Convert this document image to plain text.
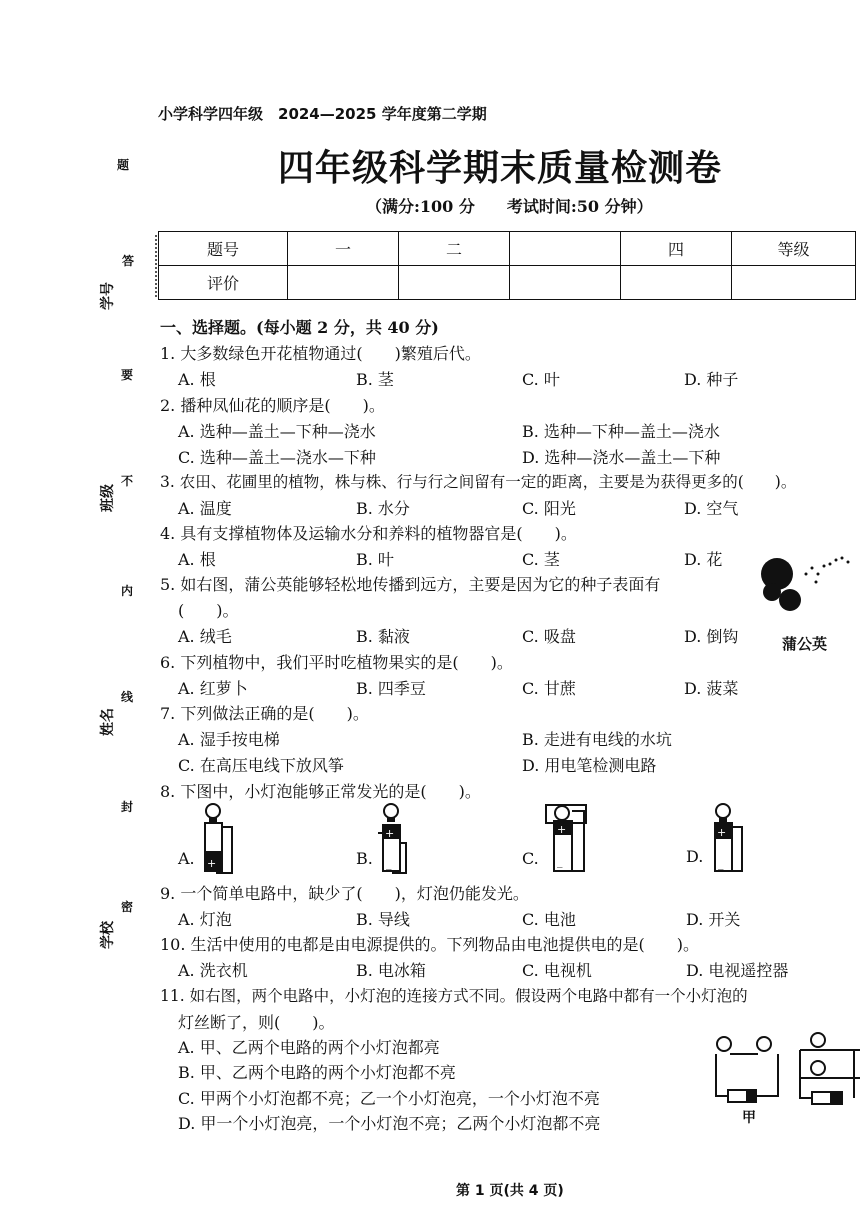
小学科学四年级　2024—2025 学年度第二学期
四年级科学期末质量检测卷
（满分:100 分　　考试时间:50 分钟）
学号
班级
姓名
学校
题
答
要
不
内
线
封
密
题号	一	二		四	等级
评价					
一、选择题。(每小题 2 分，共 40 分)
1. 大多数绿色开花植物通过(　　)繁殖后代。
A. 根	B. 茎	C. 叶	D. 种子
2. 播种凤仙花的顺序是(　　)。
A. 选种—盖土—下种—浇水	B. 选种—下种—盖土—浇水
C. 选种—盖土—浇水—下种	D. 选种—浇水—盖土—下种
3. 农田、花圃里的植物，株与株、行与行之间留有一定的距离，主要是为获得更多的(　　)。
A. 温度	B. 水分	C. 阳光	D. 空气
4. 具有支撑植物体及运输水分和养料的植物器官是(　　)。
A. 根	B. 叶	C. 茎	D. 花
5. 如右图，蒲公英能够轻松地传播到远方，主要是因为它的种子表面有
(　　)。
A. 绒毛	B. 黏液	C. 吸盘	D. 倒钩	蒲公英
6. 下列植物中，我们平时吃植物果实的是(　　)。
A. 红萝卜	B. 四季豆	C. 甘蔗	D. 菠菜
7. 下列做法正确的是(　　)。
A. 湿手按电梯	B. 走进有电线的水坑
C. 在高压电线下放风筝	D. 用电笔检测电路
8. 下图中，小灯泡能够正常发光的是(　　)。
A.	B.	C.	D.
+
+
_
+
_
+
_
9. 一个简单电路中，缺少了(　　)，灯泡仍能发光。
A. 灯泡	B. 导线	C. 电池	D. 开关
10. 生活中使用的电都是由电源提供的。下列物品由电池提供电的是(　　)。
A. 洗衣机	B. 电冰箱	C. 电视机	D. 电视遥控器
11. 如右图，两个电路中，小灯泡的连接方式不同。假设两个电路中都有一个小灯泡的
灯丝断了，则(　　)。
A. 甲、乙两个电路的两个小灯泡都亮
B. 甲、乙两个电路的两个小灯泡都不亮
C. 甲两个小灯泡都不亮；乙一个小灯泡亮，一个小灯泡不亮
D. 甲一个小灯泡亮，一个小灯泡不亮；乙两个小灯泡都不亮	甲
第 1 页(共 4 页)
